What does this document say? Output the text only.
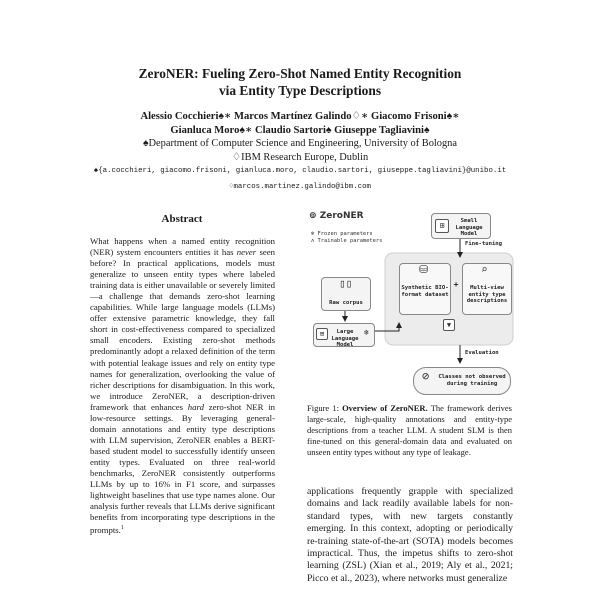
ZeroNER: Fueling Zero-Shot Named Entity Recognition
via Entity Type Descriptions
Alessio Cocchieri♠∗ Marcos Martínez Galindo♢∗ Giacomo Frisoni♠∗
Gianluca Moro♠∗ Claudio Sartori♠ Giuseppe Tagliavini♠
♠Department of Computer Science and Engineering, University of Bologna
♢IBM Research Europe, Dublin
♠{a.cocchieri, giacomo.frisoni, gianluca.moro, claudio.sartori, giuseppe.tagliavini}@unibo.it
♢marcos.martinez.galindo@ibm.com
Abstract

What happens when a named entity recognition (NER) system encounters entities it has never seen before? In practical applications, models must generalize to unseen entity types where labeled training data is either unavailable or severely limited—a challenge that demands zero-shot learning capabilities. While large language models (LLMs) offer extensive parametric knowledge, they fall short in cost-effectiveness compared to specialized small encoders. Existing zero-shot methods predominantly adopt a relaxed definition of the term with potential leakage issues and rely on entity type names for generalization, overlooking the value of richer descriptions for disambiguation. In this work, we introduce ZeroNER, a description-driven framework that enhances hard zero-shot NER in low-resource settings. By leveraging general-domain annotations and entity type descriptions with LLM supervision, ZeroNER enables a BERT-based student model to successfully identify unseen entity types. Evaluated on three real-world benchmarks, ZeroNER consistently outperforms LLMs by up to 16% in F1 score, and surpasses lightweight baselines that use type names alone. Our analysis further reveals that LLMs derive significant benefits from incorporating type descriptions in the prompts.$^1$

⊚ ZeroNER
❄ Frozen parameters
ʌ Trainable parameters
⊞	Small Language Model
Fine-tuning
▯▯
Raw corpus
⛁
Synthetic BIO-format dataset
+
⌕
Multi-view entity type descriptions
▼
⊞	Large Language Model
❄
Evaluation
⊘ Classes not observed during training
Figure 1: Overview of ZeroNER. The framework derives large-scale, high-quality annotations and entity-type descriptions from a teacher LLM. A student SLM is then fine-tuned on this general-domain data and evaluated on unseen entity types without any type of leakage.
applications frequently grapple with specialized domains and lack readily available labels for non-standard types, with new targets constantly emerging. In this context, adopting or periodically re-training state-of-the-art (SOTA) models becomes impractical. Thus, the impetus shifts to zero-shot learning (ZSL) (Xian et al., 2019; Aly et al., 2021; Picco et al., 2023), where networks must generalize
